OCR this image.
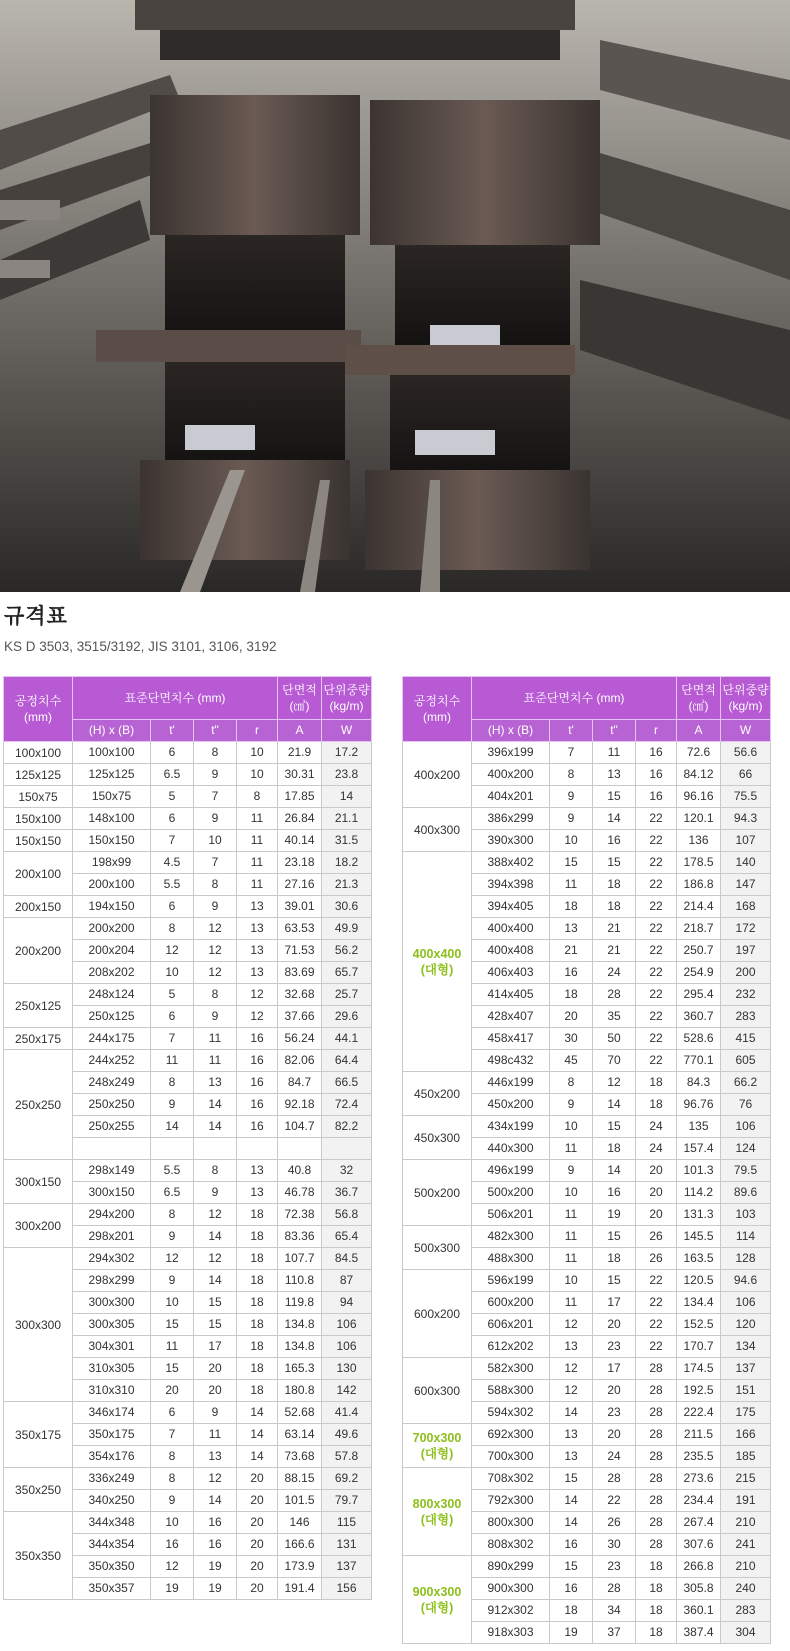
규격표
KS D 3503, 3515/3192, JIS 3101, 3106, 3192
공정치수
(mm)	표준단면치수 (mm)				단면적
(㎠)	단위중량
(kg/m)
	(H) x (B)	t'	t"	r	A	W
100x100	100x100	6	8	10	21.9	17.2
125x125	125x125	6.5	9	10	30.31	23.8
150x75	150x75	5	7	8	17.85	14
150x100	148x100	6	9	11	26.84	21.1
150x150	150x150	7	10	11	40.14	31.5
200x100	198x99	4.5	7	11	23.18	18.2
	200x100	5.5	8	11	27.16	21.3
200x150	194x150	6	9	13	39.01	30.6
200x200	200x200	8	12	13	63.53	49.9
	200x204	12	12	13	71.53	56.2
	208x202	10	12	13	83.69	65.7
250x125	248x124	5	8	12	32.68	25.7
	250x125	6	9	12	37.66	29.6
250x175	244x175	7	11	16	56.24	44.1
250x250	244x252	11	11	16	82.06	64.4
	248x249	8	13	16	84.7	66.5
	250x250	9	14	16	92.18	72.4
	250x255	14	14	16	104.7	82.2

300x150	298x149	5.5	8	13	40.8	32
	300x150	6.5	9	13	46.78	36.7
300x200	294x200	8	12	18	72.38	56.8
	298x201	9	14	18	83.36	65.4
300x300	294x302	12	12	18	107.7	84.5
	298x299	9	14	18	110.8	87
	300x300	10	15	18	119.8	94
	300x305	15	15	18	134.8	106
	304x301	11	17	18	134.8	106
	310x305	15	20	18	165.3	130
	310x310	20	20	18	180.8	142
350x175	346x174	6	9	14	52.68	41.4
	350x175	7	11	14	63.14	49.6
	354x176	8	13	14	73.68	57.8
350x250	336x249	8	12	20	88.15	69.2
	340x250	9	14	20	101.5	79.7
350x350	344x348	10	16	20	146	115
	344x354	16	16	20	166.6	131
	350x350	12	19	20	173.9	137
	350x357	19	19	20	191.4	156
공정치수
(mm)	표준단면치수 (mm)				단면적
(㎠)	단위중량
(kg/m)
	(H) x (B)	t'	t"	r	A	W
400x200	396x199	7	11	16	72.6	56.6
	400x200	8	13	16	84.12	66
	404x201	9	15	16	96.16	75.5
400x300	386x299	9	14	22	120.1	94.3
	390x300	10	16	22	136	107
400x400
(대형)	388x402	15	15	22	178.5	140
	394x398	11	18	22	186.8	147
	394x405	18	18	22	214.4	168
	400x400	13	21	22	218.7	172
	400x408	21	21	22	250.7	197
	406x403	16	24	22	254.9	200
	414x405	18	28	22	295.4	232
	428x407	20	35	22	360.7	283
	458x417	30	50	22	528.6	415
	498c432	45	70	22	770.1	605
450x200	446x199	8	12	18	84.3	66.2
	450x200	9	14	18	96.76	76
450x300	434x199	10	15	24	135	106
	440x300	11	18	24	157.4	124
500x200	496x199	9	14	20	101.3	79.5
	500x200	10	16	20	114.2	89.6
	506x201	11	19	20	131.3	103
500x300	482x300	11	15	26	145.5	114
	488x300	11	18	26	163.5	128
600x200	596x199	10	15	22	120.5	94.6
	600x200	11	17	22	134.4	106
	606x201	12	20	22	152.5	120
	612x202	13	23	22	170.7	134
600x300	582x300	12	17	28	174.5	137
	588x300	12	20	28	192.5	151
	594x302	14	23	28	222.4	175
700x300
(대형)	692x300	13	20	28	211.5	166
	700x300	13	24	28	235.5	185
800x300
(대형)	708x302	15	28	28	273.6	215
	792x300	14	22	28	234.4	191
	800x300	14	26	28	267.4	210
	808x302	16	30	28	307.6	241
900x300
(대형)	890x299	15	23	18	266.8	210
	900x300	16	28	18	305.8	240
	912x302	18	34	18	360.1	283
	918x303	19	37	18	387.4	304
